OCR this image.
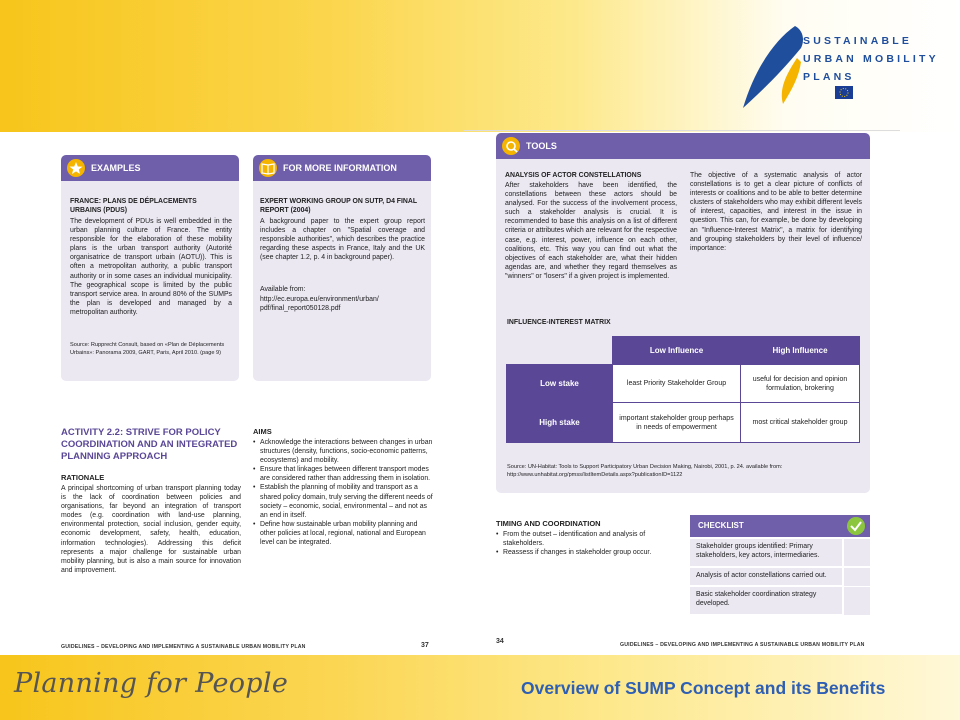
SUSTAINABLE
URBAN MOBILITY
PLANS
EXAMPLES
FRANCE: PLANS DE DÉPLACEMENTS URBAINS (PDUS)
The development of PDUs is well embedded in the urban planning culture of France. The entity responsible for the elaboration of these mobility plans is the urban transport authority (Autorité organisatrice de transport urbain (AOTU)). This is often a metropolitan authority, a public transport authority or in some cases an individual municipality. The geographical scope is limited by the public transport service area. In around 80% of the SUMPs the plan is developed and managed by a metropolitan authority.
Source: Rupprecht Consult, based on «Plan de Déplacements Urbains»: Panorama 2009, GART, Paris, April 2010. (page 9)
FOR MORE INFORMATION
EXPERT WORKING GROUP ON SUTP, D4 FINAL REPORT (2004)
A background paper to the expert group report includes a chapter on "Spatial coverage and responsible authorities", which describes the practice regarding these aspects in France, Italy and the UK (see chapter 1.2, p. 4 in background paper).
Available from:
http://ec.europa.eu/environment/urban/pdf/final_report050128.pdf
ACTIVITY 2.2: STRIVE FOR POLICY COORDINATION AND AN INTEGRATED PLANNING APPROACH
RATIONALE
A principal shortcoming of urban transport planning today is the lack of coordination between policies and organisations, far beyond an integration of transport modes (e.g. coordination with land-use planning, environmental protection, social inclusion, gender equity, economic development, safety, health, education, information technologies). Addressing this deficit represents a major challenge for sustainable urban mobility planning, but is also a main source for innovation and improvement.
AIMS
• Acknowledge the interactions between changes in urban structures (density, functions, socio-economic patterns, ecosystems) and mobility.
• Ensure that linkages between different transport modes are considered rather than addressing them in isolation.
• Establish the planning of mobility and transport as a shared policy domain, truly serving the different needs of society – economic, social, environmental – and not as an end in itself.
• Define how sustainable urban mobility planning and other policies at local, regional, national and European level can be integrated.
GUIDELINES – DEVELOPING AND IMPLEMENTING A SUSTAINABLE URBAN MOBILITY PLAN	37
TOOLS
ANALYSIS OF ACTOR CONSTELLATIONS
After stakeholders have been identified, the constellations between these actors should be analysed. For the success of the involvement process, such a stakeholder analysis is crucial. It is recommended to base this analysis on a list of different criteria or attributes which are relevant for the respective case, e.g. interest, power, influence on each other, coalitions, etc. This way you can find out what the objectives of each stakeholder are, what their hidden agendas are, and whether they regard themselves as "winners" or "losers" if a given project is implemented.
The objective of a systematic analysis of actor constellations is to get a clear picture of conflicts of interests or coalitions and to be able to better determine clusters of stakeholders who may exhibit different levels of interest, capacities, and interest in the issue in question. This can, for example, be done by developing an "Influence-Interest Matrix", a matrix for identifying and grouping stakeholders by their level of influence/ importance:
INFLUENCE-INTEREST MATRIX
	Low Influence	High Influence
Low stake	least Priority Stakeholder Group	useful for decision and opinion formulation, brokering
High stake	important stakeholder group perhaps in needs of empowerment	most critical stakeholder group
Source: UN-Habitat: Tools to Support Participatory Urban Decision Making, Nairobi, 2001, p. 24. available from: http://www.unhabitat.org/pmss/listItemDetails.aspx?publicationID=1122
TIMING AND COORDINATION
• From the outset – identification and analysis of stakeholders.
• Reassess if changes in stakeholder group occur.
CHECKLIST
Stakeholder groups identified: Primary stakeholders, key actors, intermediaries.
Analysis of actor constellations carried out.
Basic stakeholder coordination strategy developed.
34	GUIDELINES – DEVELOPING AND IMPLEMENTING A SUSTAINABLE URBAN MOBILITY PLAN
Planning for People	Overview of SUMP Concept and its Benefits
